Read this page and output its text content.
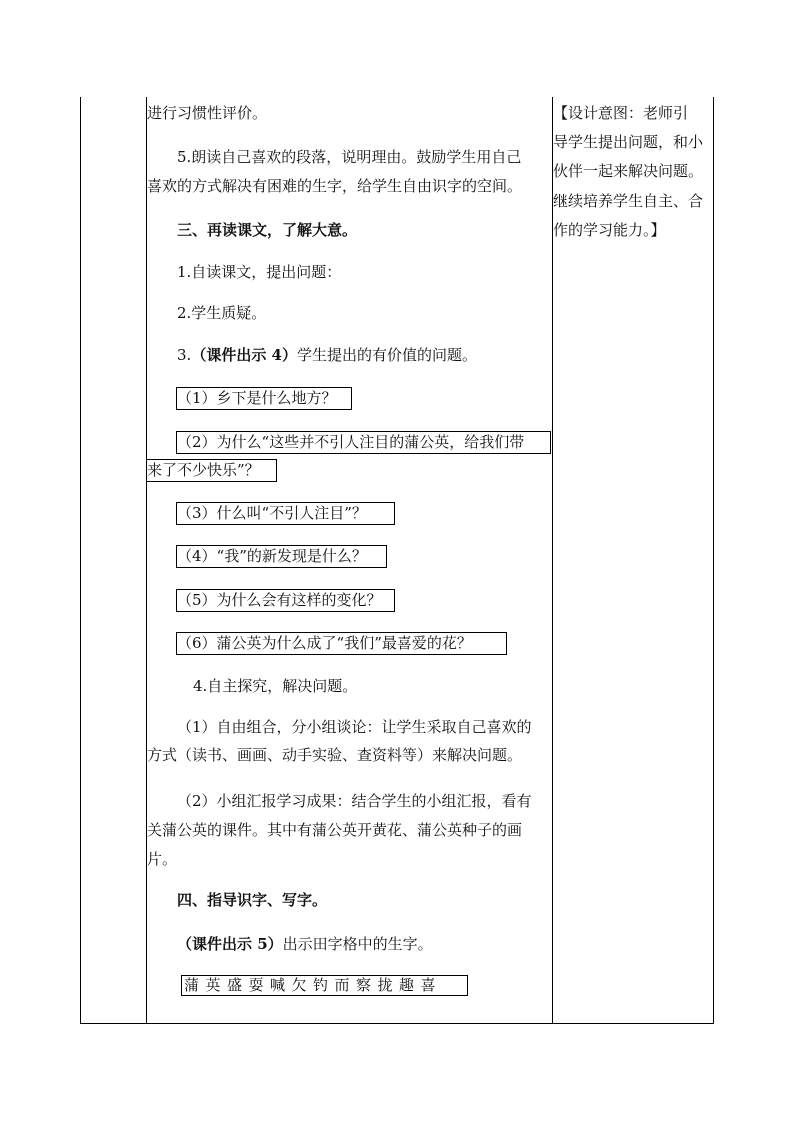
进行习惯性评价。
5.朗读自己喜欢的段落，说明理由。鼓励学生用自己
喜欢的方式解决有困难的生字，给学生自由识字的空间。
三、再读课文，了解大意。
1.自读课文，提出问题：
2.学生质疑。
3.（课件出示 4）学生提出的有价值的问题。
（1）乡下是什么地方？
（2）为什么“这些并不引人注目的蒲公英，给我们带
来了不少快乐”？
（3）什么叫“不引人注目”？
（4）“我”的新发现是什么？
（5）为什么会有这样的变化？
（6）蒲公英为什么成了“我们”最喜爱的花？
4.自主探究，解决问题。
（1）自由组合，分小组谈论：让学生采取自己喜欢的
方式（读书、画画、动手实验、查资料等）来解决问题。
（2）小组汇报学习成果：结合学生的小组汇报，看有
关蒲公英的课件。其中有蒲公英开黄花、蒲公英种子的画
片。
四、指导识字、写字。
（课件出示 5）出示田字格中的生字。
蒲英盛耍喊欠钓而察拢趣喜
【设计意图：老师引
导学生提出问题，和小
伙伴一起来解决问题。
继续培养学生自主、合
作的学习能力。】
